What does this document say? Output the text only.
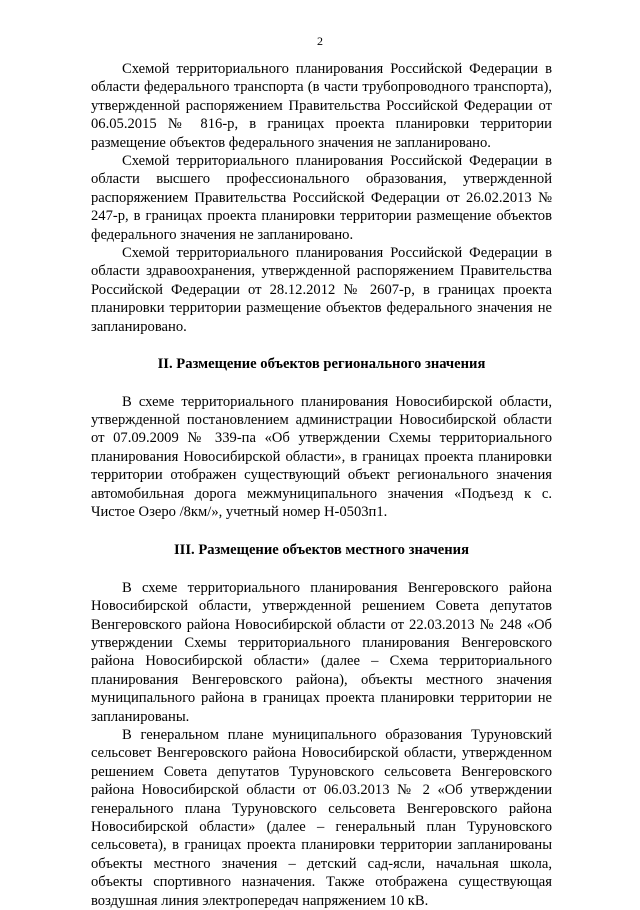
2

Схемой территориального планирования Российской Федерации в области федерального транспорта (в части трубопроводного транспорта), утвержденной распоряжением Правительства Российской Федерации от 06.05.2015 № 816-р, в границах проекта планировки территории размещение объектов федерального значения не запланировано.

Схемой территориального планирования Российской Федерации в области высшего профессионального образования, утвержденной распоряжением Правительства Российской Федерации от 26.02.2013 № 247-р, в границах проекта планировки территории размещение объектов федерального значения не запланировано.

Схемой территориального планирования Российской Федерации в области здравоохранения, утвержденной распоряжением Правительства Российской Федерации от 28.12.2012 № 2607-р, в границах проекта планировки территории размещение объектов федерального значения не запланировано.

II. Размещение объектов регионального значения

В схеме территориального планирования Новосибирской области, утвержденной постановлением администрации Новосибирской области от 07.09.2009 № 339-па «Об утверждении Схемы территориального планирования Новосибирской области», в границах проекта планировки территории отображен существующий объект регионального значения автомобильная дорога межмуниципального значения «Подъезд к с. Чистое Озеро /8км/», учетный номер Н-0503п1.

III. Размещение объектов местного значения

В схеме территориального планирования Венгеровского района Новосибирской области, утвержденной решением Совета депутатов Венгеровского района Новосибирской области от 22.03.2013 № 248 «Об утверждении Схемы территориального планирования Венгеровского района Новосибирской области» (далее – Схема территориального планирования Венгеровского района), объекты местного значения муниципального района в границах проекта планировки территории не запланированы.

В генеральном плане муниципального образования Туруновский сельсовет Венгеровского района Новосибирской области, утвержденном решением Совета депутатов Туруновского сельсовета Венгеровского района Новосибирской области от 06.03.2013 № 2 «Об утверждении генерального плана Туруновского сельсовета Венгеровского района Новосибирской области» (далее – генеральный план Туруновского сельсовета), в границах проекта планировки территории запланированы объекты местного значения – детский сад-ясли, начальная школа, объекты спортивного назначения. Также отображена существующая воздушная линия электропередач напряжением 10 кВ.
